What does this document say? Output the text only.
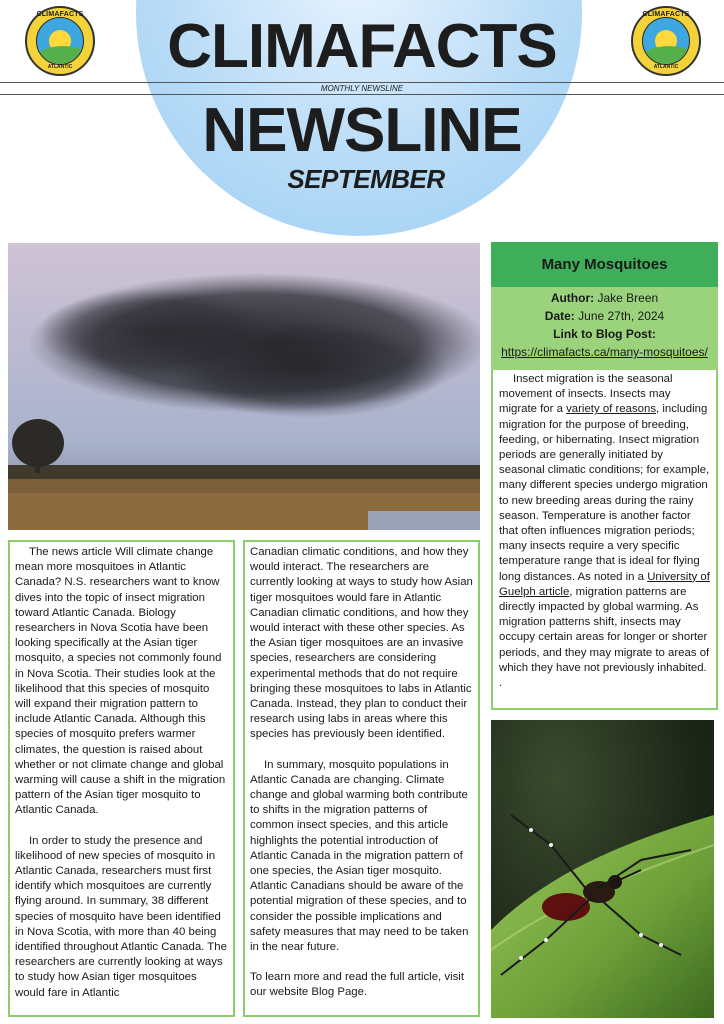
CLIMAFACTS
ATLANTIC
CLIMAFACTS
ATLANTIC
CLIMAFACTS
MONTHLY NEWSLINE
NEWSLINE
SEPTEMBER

The news article Will climate change mean more mosquitoes in Atlantic Canada? N.S. researchers want to know dives into the topic of insect migration toward Atlantic Canada. Biology researchers in Nova Scotia have been looking specifically at the Asian tiger mosquito, a species not commonly found in Nova Scotia. Their studies look at the likelihood that this species of mosquito will expand their migration pattern to include Atlantic Canada. Although this species of mosquito prefers warmer climates, the question is raised about whether or not climate change and global warming will cause a shift in the migration pattern of the Asian tiger mosquito to Atlantic Canada.

In order to study the presence and likelihood of new species of mosquito in Atlantic Canada, researchers must first identify which mosquitoes are currently flying around. In summary, 38 different species of mosquito have been identified in Nova Scotia, with more than 40 being identified throughout Atlantic Canada. The researchers are currently looking at ways to study how Asian tiger mosquitoes would fare in Atlantic

Canadian climatic conditions, and how they would interact. The researchers are currently looking at ways to study how Asian tiger mosquitoes would fare in Atlantic Canadian climatic conditions, and how they would interact with these other species. As the Asian tiger mosquitoes are an invasive species, researchers are considering experimental methods that do not require bringing these mosquitoes to labs in Atlantic Canada. Instead, they plan to conduct their research using labs in areas where this species has previously been identified.

In summary, mosquito populations in Atlantic Canada are changing. Climate change and global warming both contribute to shifts in the migration patterns of common insect species, and this article highlights the potential introduction of Atlantic Canada in the migration pattern of one species, the Asian tiger mosquito. Atlantic Canadians should be aware of the potential migration of these species, and to consider the possible implications and safety measures that may need to be taken in the near future.

To learn more and read the full article, visit our website Blog Page.

Many Mosquitoes
Author: Jake Breen
Date: June 27th, 2024
Link to Blog Post:
https://climafacts.ca/many-mosquitoes/

Insect migration is the seasonal movement of insects. Insects may migrate for a variety of reasons, including migration for the purpose of breeding, feeding, or hibernating. Insect migration periods are generally initiated by seasonal climatic conditions; for example, many different species undergo migration to new breeding areas during the rainy season. Temperature is another factor that often influences migration periods; many insects require a very specific temperature range that is ideal for flying long distances. As noted in a University of Guelph article, migration patterns are directly impacted by global warming. As migration patterns shift, insects may occupy certain areas for longer or shorter periods, and they may migrate to areas of which they have not previously inhabited.

.
